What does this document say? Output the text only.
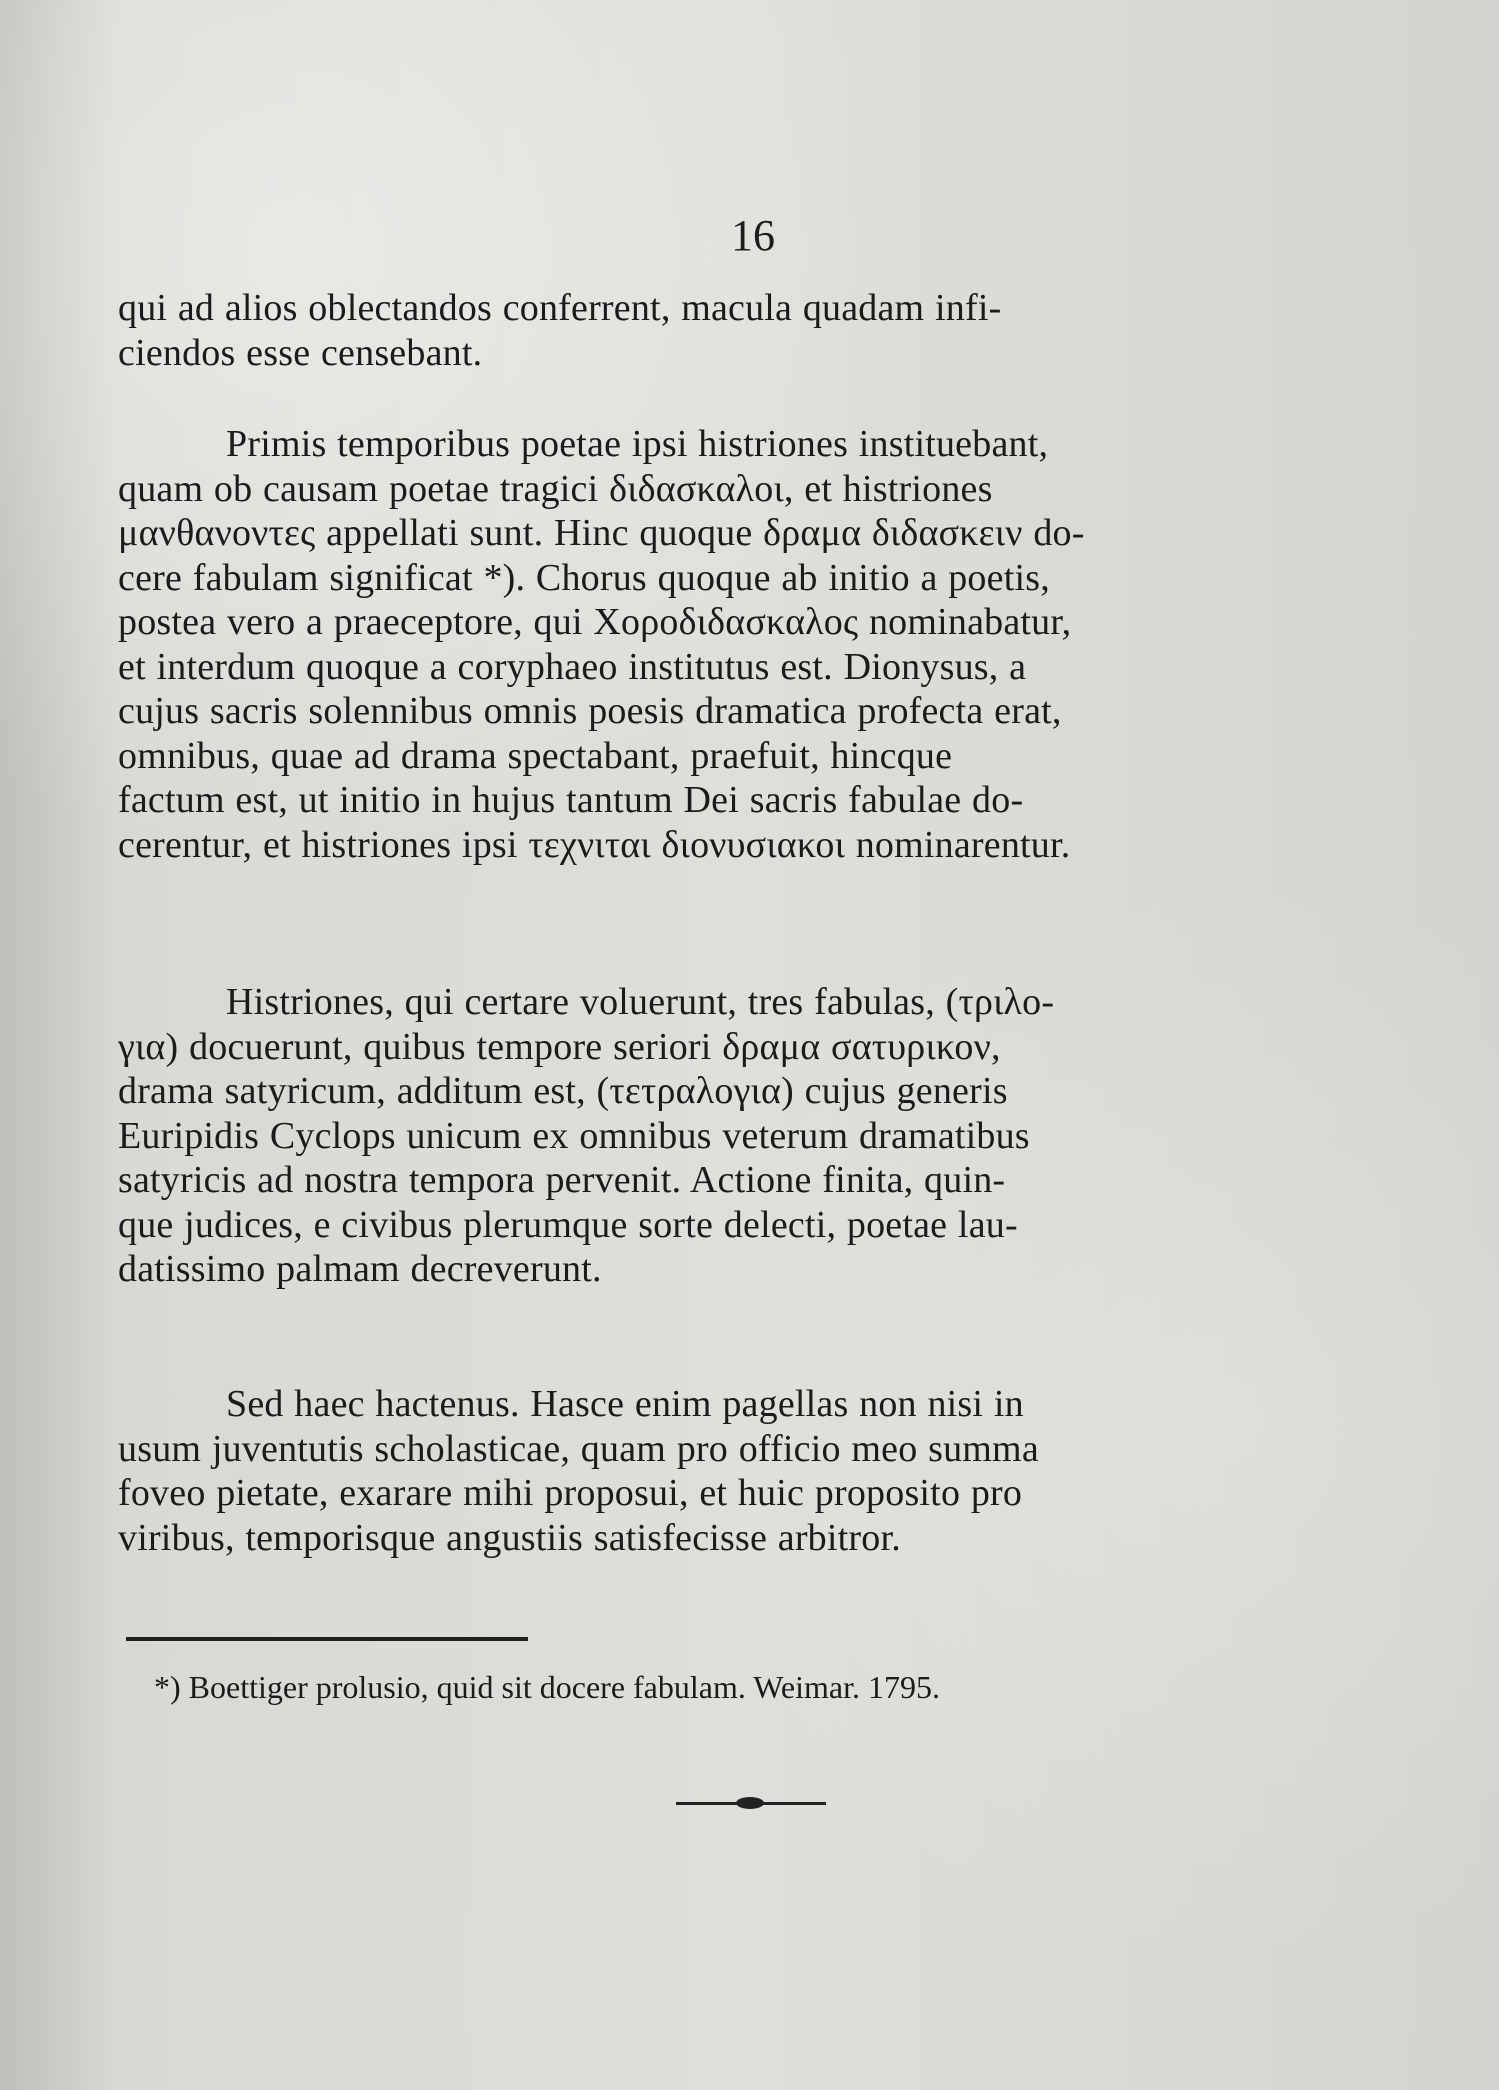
16
qui ad alios oblectandos conferrent, macula quadam infi-
ciendos esse censebant.
Primis temporibus poetae ipsi histriones instituebant,
quam ob causam poetae tragici διδασκαλοι, et histriones
μανθανοντες appellati sunt. Hinc quoque δραμα διδασκειν do-
cere fabulam significat *). Chorus quoque ab initio a poetis,
postea vero a praeceptore, qui Χοροδιδασκαλος nominabatur,
et interdum quoque a coryphaeo institutus est. Dionysus, a
cujus sacris solennibus omnis poesis dramatica profecta erat,
omnibus, quae ad drama spectabant, praefuit, hincque
factum est, ut initio in hujus tantum Dei sacris fabulae do-
cerentur, et histriones ipsi τεχνιται διονυσιακοι nominarentur.
Histriones, qui certare voluerunt, tres fabulas, (τριλο-
για) docuerunt, quibus tempore seriori δραμα σατυρικον,
drama satyricum, additum est, (τετραλογια) cujus generis
Euripidis Cyclops unicum ex omnibus veterum dramatibus
satyricis ad nostra tempora pervenit. Actione finita, quin-
que judices, e civibus plerumque sorte delecti, poetae lau-
datissimo palmam decreverunt.
Sed haec hactenus. Hasce enim pagellas non nisi in
usum juventutis scholasticae, quam pro officio meo summa
foveo pietate, exarare mihi proposui, et huic proposito pro
viribus, temporisque angustiis satisfecisse arbitror.
*) Boettiger prolusio, quid sit docere fabulam. Weimar. 1795.
